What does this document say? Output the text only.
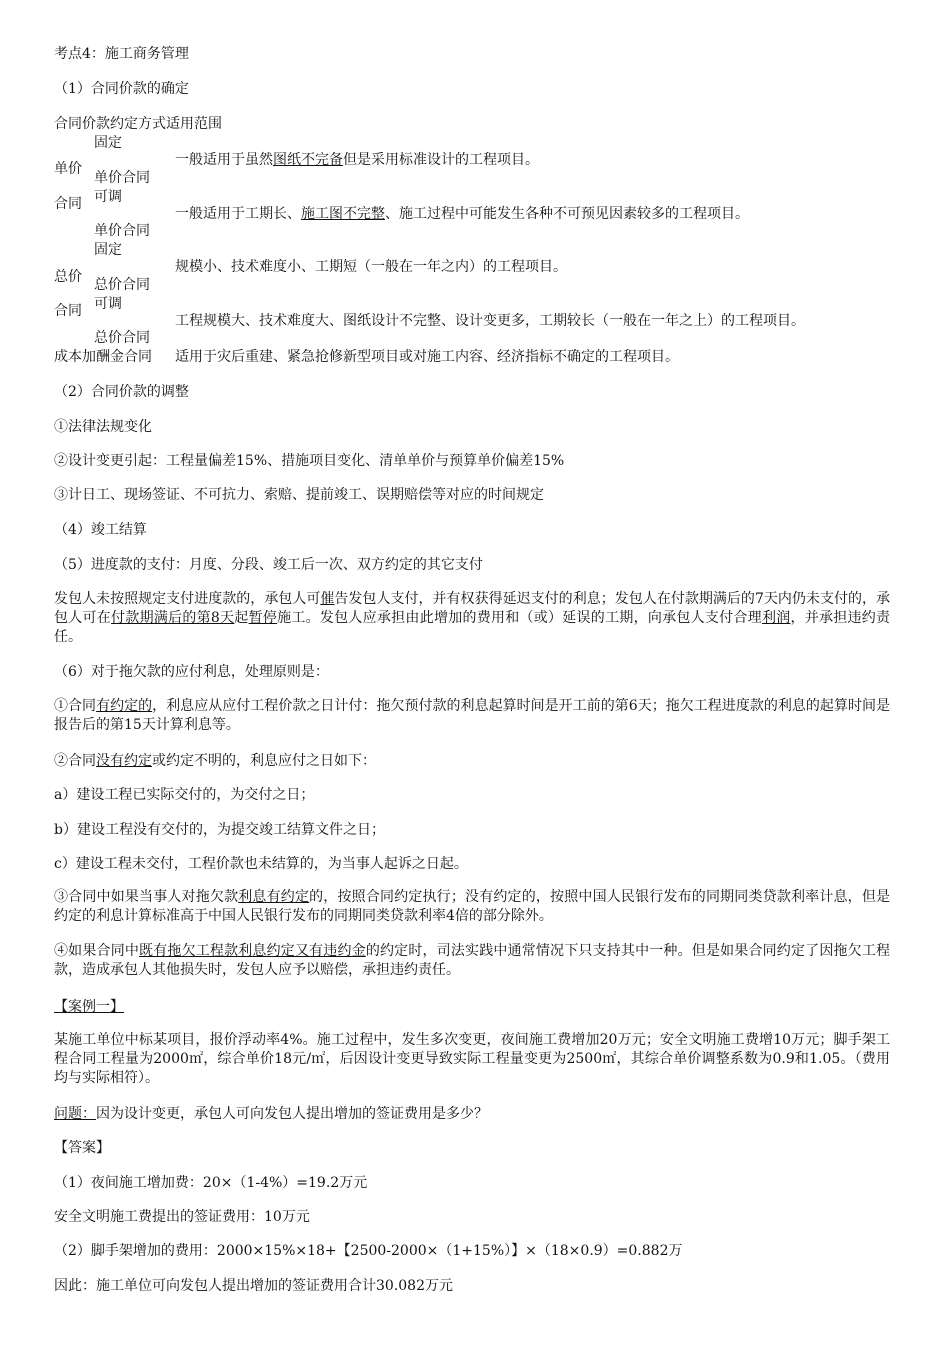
考点4：施工商务管理
（1）合同价款的确定
合同价款约定方式适用范围
单价
合同
总价
合同
固定
单价合同
一般适用于虽然图纸不完备但是采用标准设计的工程项目。
可调
单价合同
一般适用于工期长、施工图不完整、施工过程中可能发生各种不可预见因素较多的工程项目。
固定
总价合同
规模小、技术难度小、工期短（一般在一年之内）的工程项目。
可调
总价合同
工程规模大、技术难度大、图纸设计不完整、设计变更多，工期较长（一般在一年之上）的工程项目。
成本加酬金合同 适用于灾后重建、紧急抢修新型项目或对施工内容、经济指标不确定的工程项目。
（2）合同价款的调整
①法律法规变化
②设计变更引起：工程量偏差15%、措施项目变化、清单单价与预算单价偏差15%
③计日工、现场签证、不可抗力、索赔、提前竣工、误期赔偿等对应的时间规定
（4）竣工结算
（5）进度款的支付：月度、分段、竣工后一次、双方约定的其它支付
发包人未按照规定支付进度款的，承包人可催告发包人支付，并有权获得延迟支付的利息；发包人在付款期满后的7天内仍未支付的，承包人可在付款期满后的第8天起暂停施工。发包人应承担由此增加的费用和（或）延误的工期，向承包人支付合理利润，并承担违约责任。
（6）对于拖欠款的应付利息，处理原则是：
①合同有约定的，利息应从应付工程价款之日计付：拖欠预付款的利息起算时间是开工前的第6天；拖欠工程进度款的利息的起算时间是报告后的第15天计算利息等。
②合同没有约定或约定不明的，利息应付之日如下：
a）建设工程已实际交付的，为交付之日；
b）建设工程没有交付的，为提交竣工结算文件之日；
c）建设工程未交付，工程价款也未结算的，为当事人起诉之日起。
③合同中如果当事人对拖欠款利息有约定的，按照合同约定执行；没有约定的，按照中国人民银行发布的同期同类贷款利率计息，但是约定的利息计算标准高于中国人民银行发布的同期同类贷款利率4倍的部分除外。
④如果合同中既有拖欠工程款利息约定又有违约金的约定时，司法实践中通常情况下只支持其中一种。但是如果合同约定了因拖欠工程款，造成承包人其他损失时，发包人应予以赔偿，承担违约责任。
【案例一】
某施工单位中标某项目，报价浮动率4%。施工过程中，发生多次变更，夜间施工费增加20万元；安全文明施工费增10万元；脚手架工程合同工程量为2000㎡，综合单价18元/㎡，后因设计变更导致实际工程量变更为2500㎡，其综合单价调整系数为0.9和1.05。（费用均与实际相符）。
问题：因为设计变更，承包人可向发包人提出增加的签证费用是多少？
【答案】
（1）夜间施工增加费：20×（1-4%）=19.2万元
安全文明施工费提出的签证费用：10万元
（2）脚手架增加的费用：2000×15%×18+【2500-2000×（1+15%）】×（18×0.9）=0.882万
因此：施工单位可向发包人提出增加的签证费用合计30.082万元
